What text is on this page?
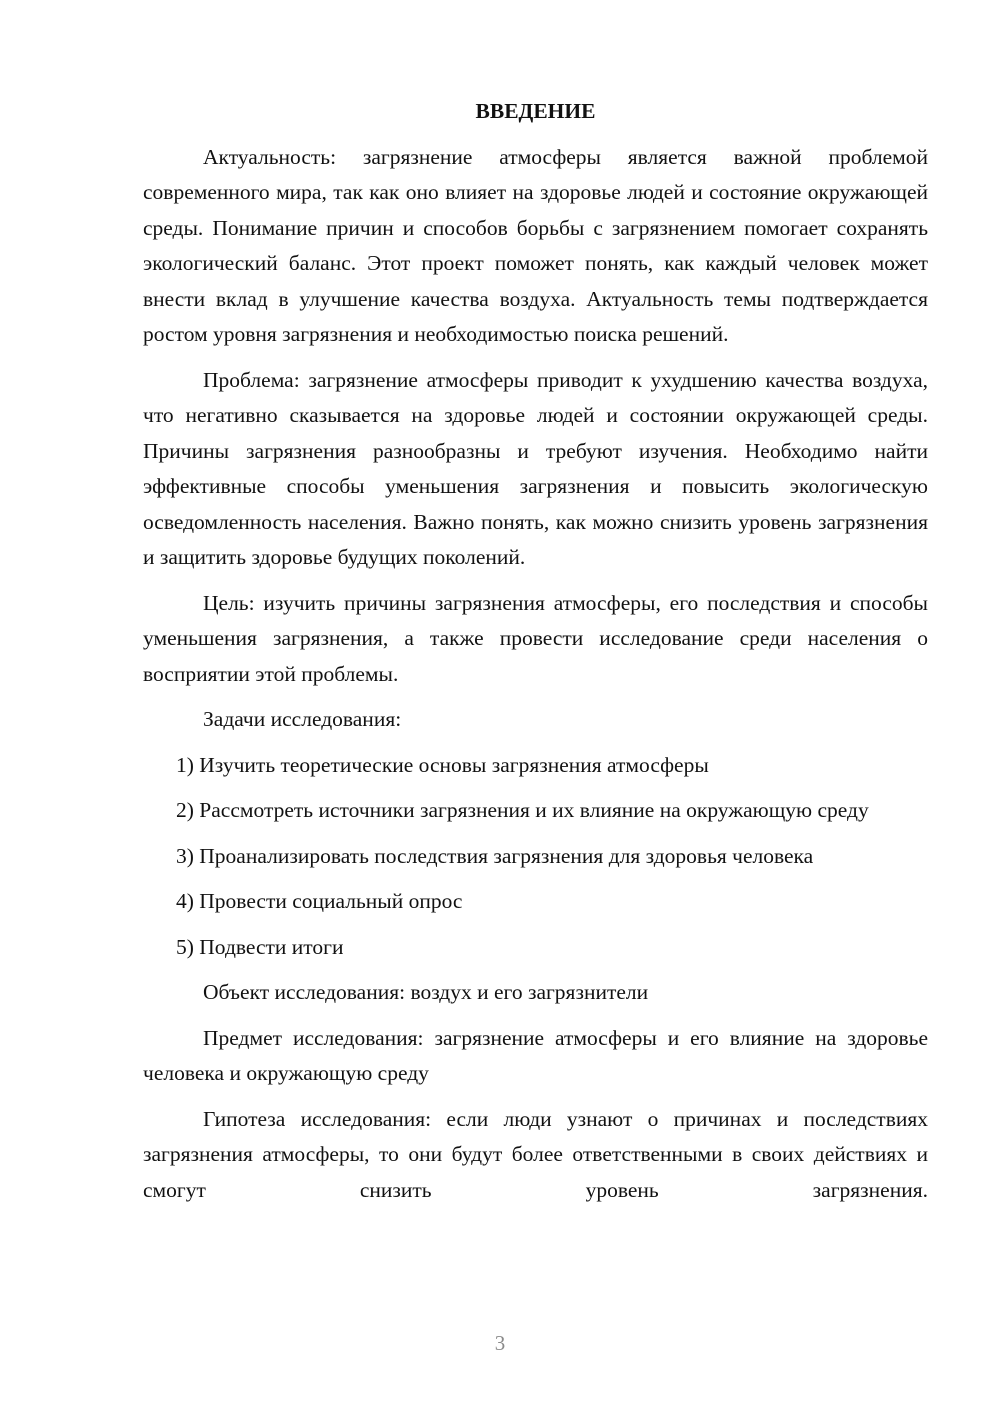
ВВЕДЕНИЕ

Актуальность: загрязнение атмосферы является важной проблемой современного мира, так как оно влияет на здоровье людей и состояние окружающей среды. Понимание причин и способов борьбы с загрязнением помогает сохранять экологический баланс. Этот проект поможет понять, как каждый человек может внести вклад в улучшение качества воздуха. Актуальность темы подтверждается ростом уровня загрязнения и необходимостью поиска решений.

Проблема: загрязнение атмосферы приводит к ухудшению качества воздуха, что негативно сказывается на здоровье людей и состоянии окружающей среды. Причины загрязнения разнообразны и требуют изучения. Необходимо найти эффективные способы уменьшения загрязнения и повысить экологическую осведомленность населения. Важно понять, как можно снизить уровень загрязнения и защитить здоровье будущих поколений.

Цель: изучить причины загрязнения атмосферы, его последствия и способы уменьшения загрязнения, а также провести исследование среди населения о восприятии этой проблемы.

Задачи исследования:

1) Изучить теоретические основы загрязнения атмосферы

2) Рассмотреть источники загрязнения и их влияние на окружающую среду

3) Проанализировать последствия загрязнения для здоровья человека

4) Провести социальный опрос

5) Подвести итоги

Объект исследования: воздух и его загрязнители

Предмет исследования: загрязнение атмосферы и его влияние на здоровье человека и окружающую среду

Гипотеза исследования: если люди узнают о причинах и последствиях загрязнения атмосферы, то они будут более ответственными в своих действиях и смогут снизить уровень загрязнения.

3
